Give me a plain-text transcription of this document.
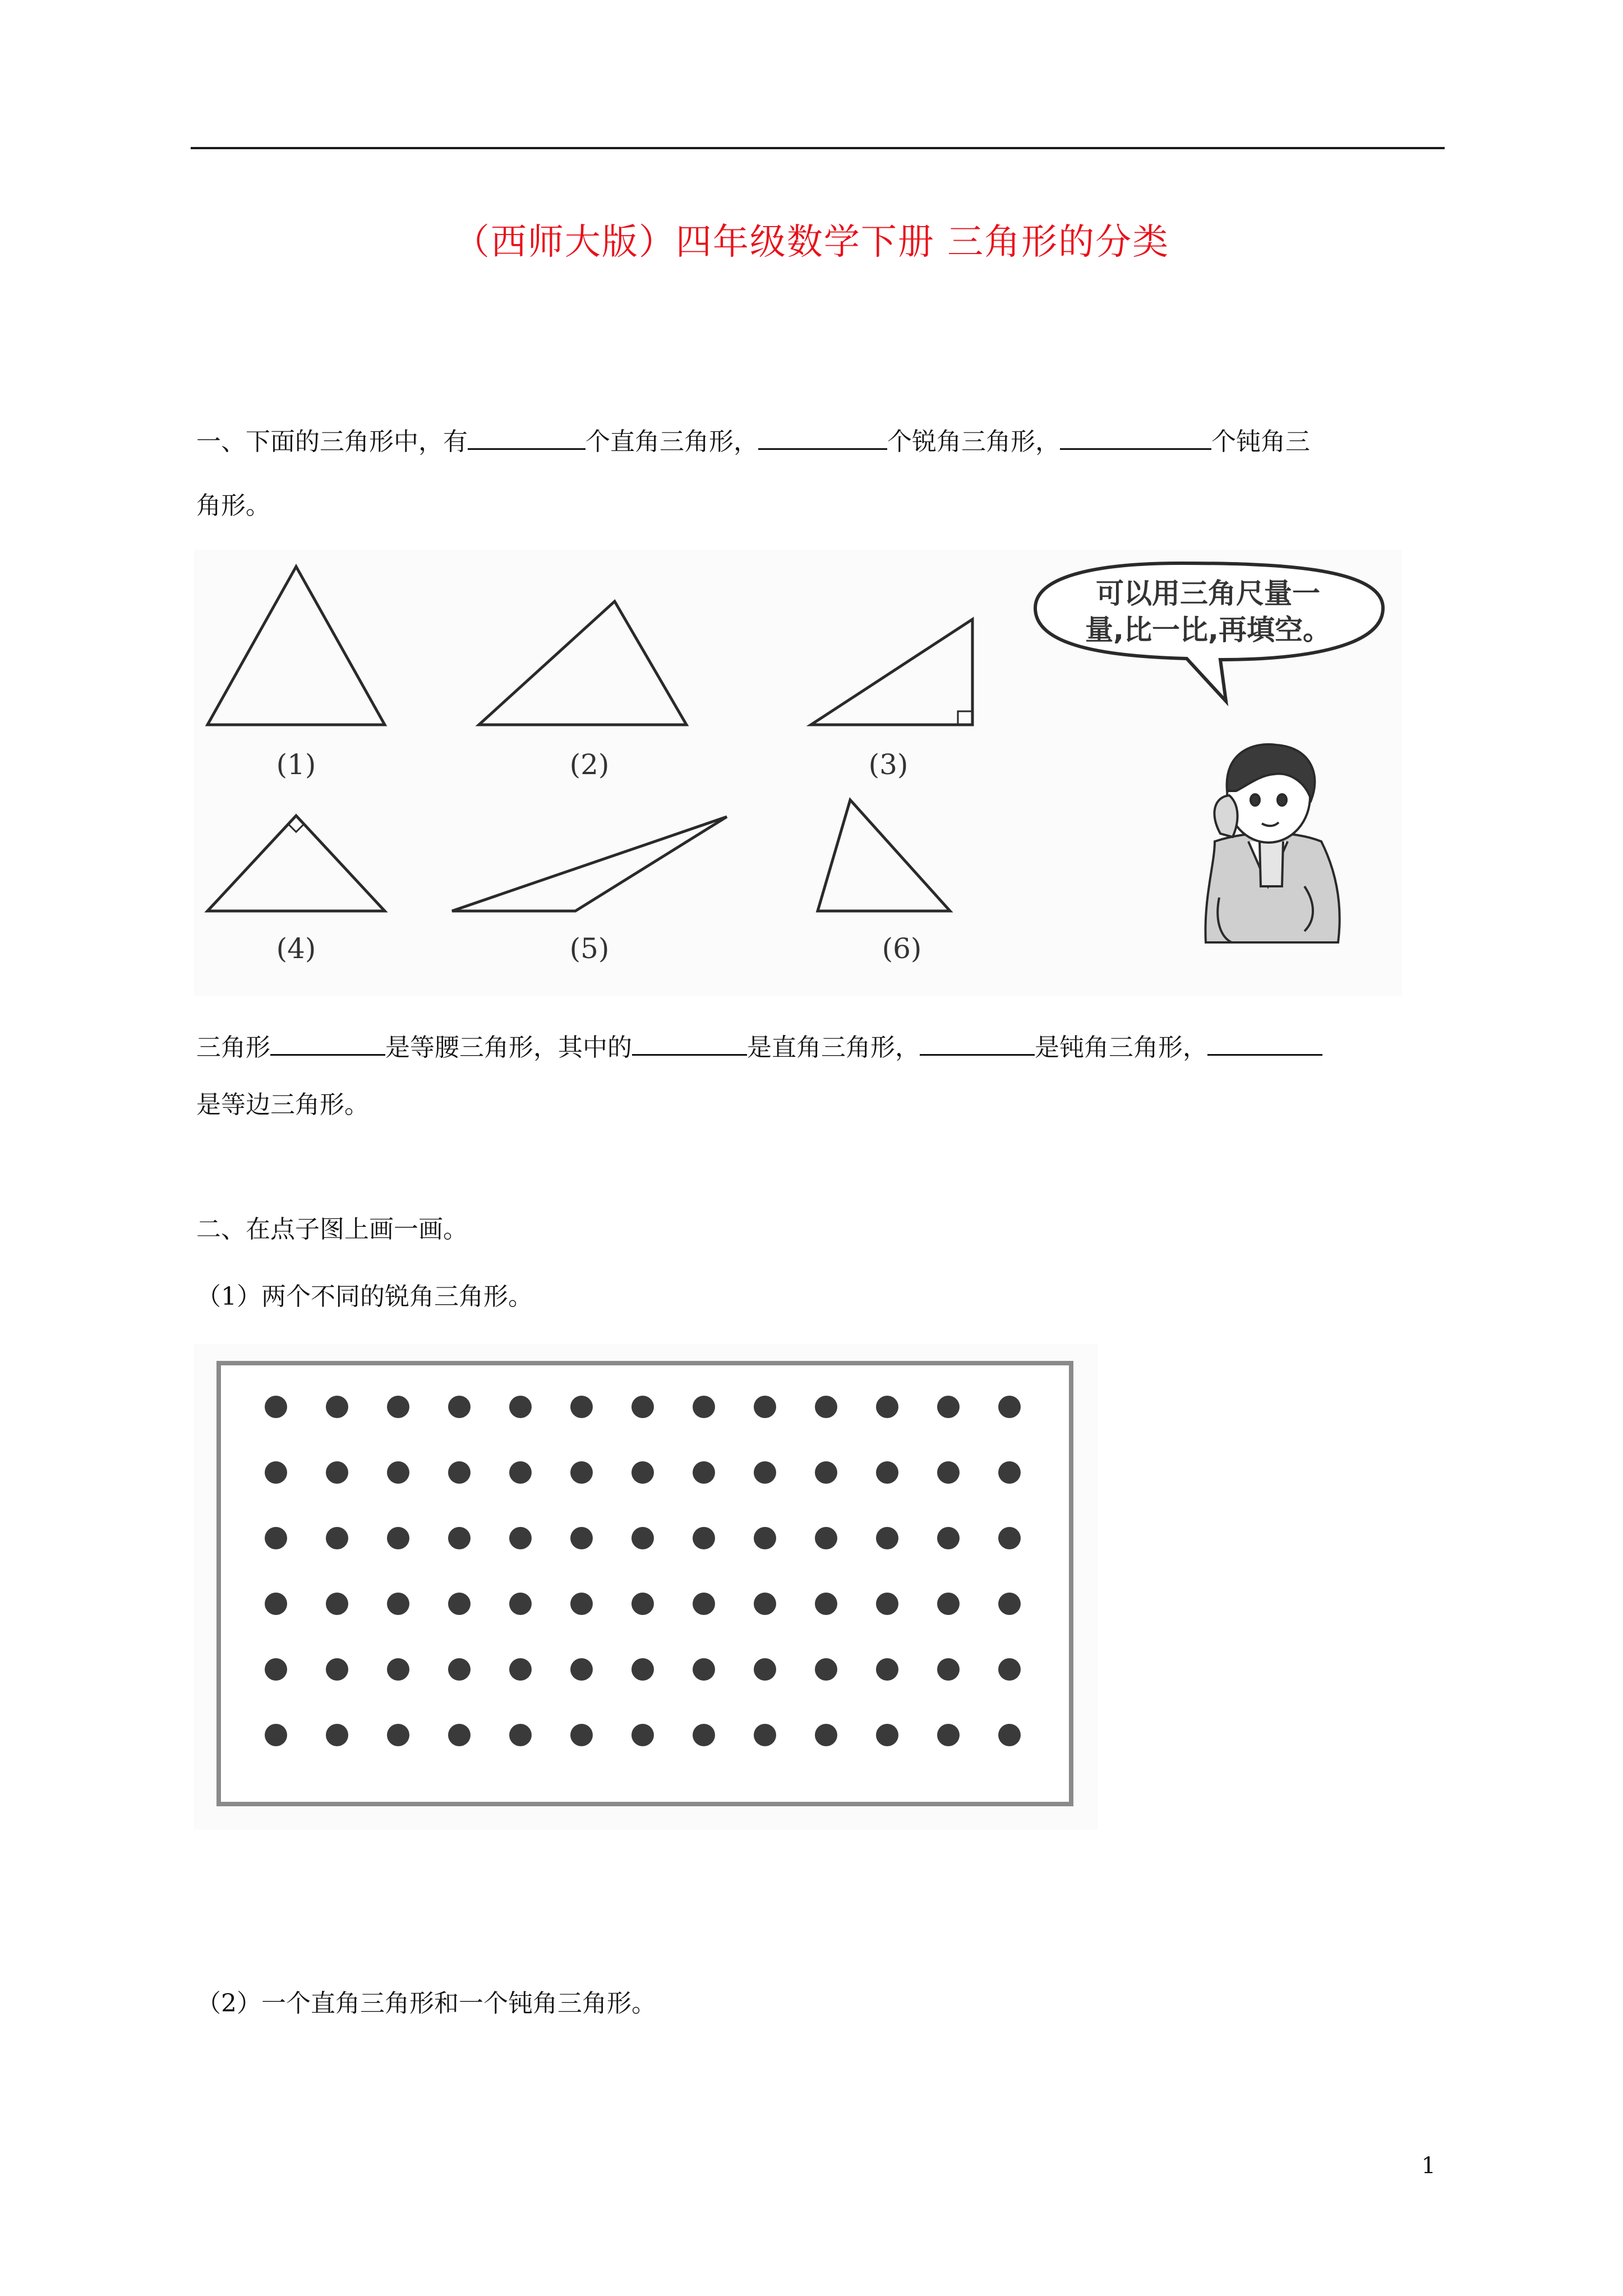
（西师大版）四年级数学下册 三角形的分类
一、下面的三角形中，有	个直角三角形，	个锐角三角形，	个钝角三
角形。
(1)	(2)	(3)
(4)	(5)	(6)
可以用三角尺量一
量,比一比,再填空。
三角形	是等腰三角形，其中的	是直角三角形，	是钝角三角形，
是等边三角形。
二、在点子图上画一画。
（1）两个不同的锐角三角形。
（2）一个直角三角形和一个钝角三角形。
1
